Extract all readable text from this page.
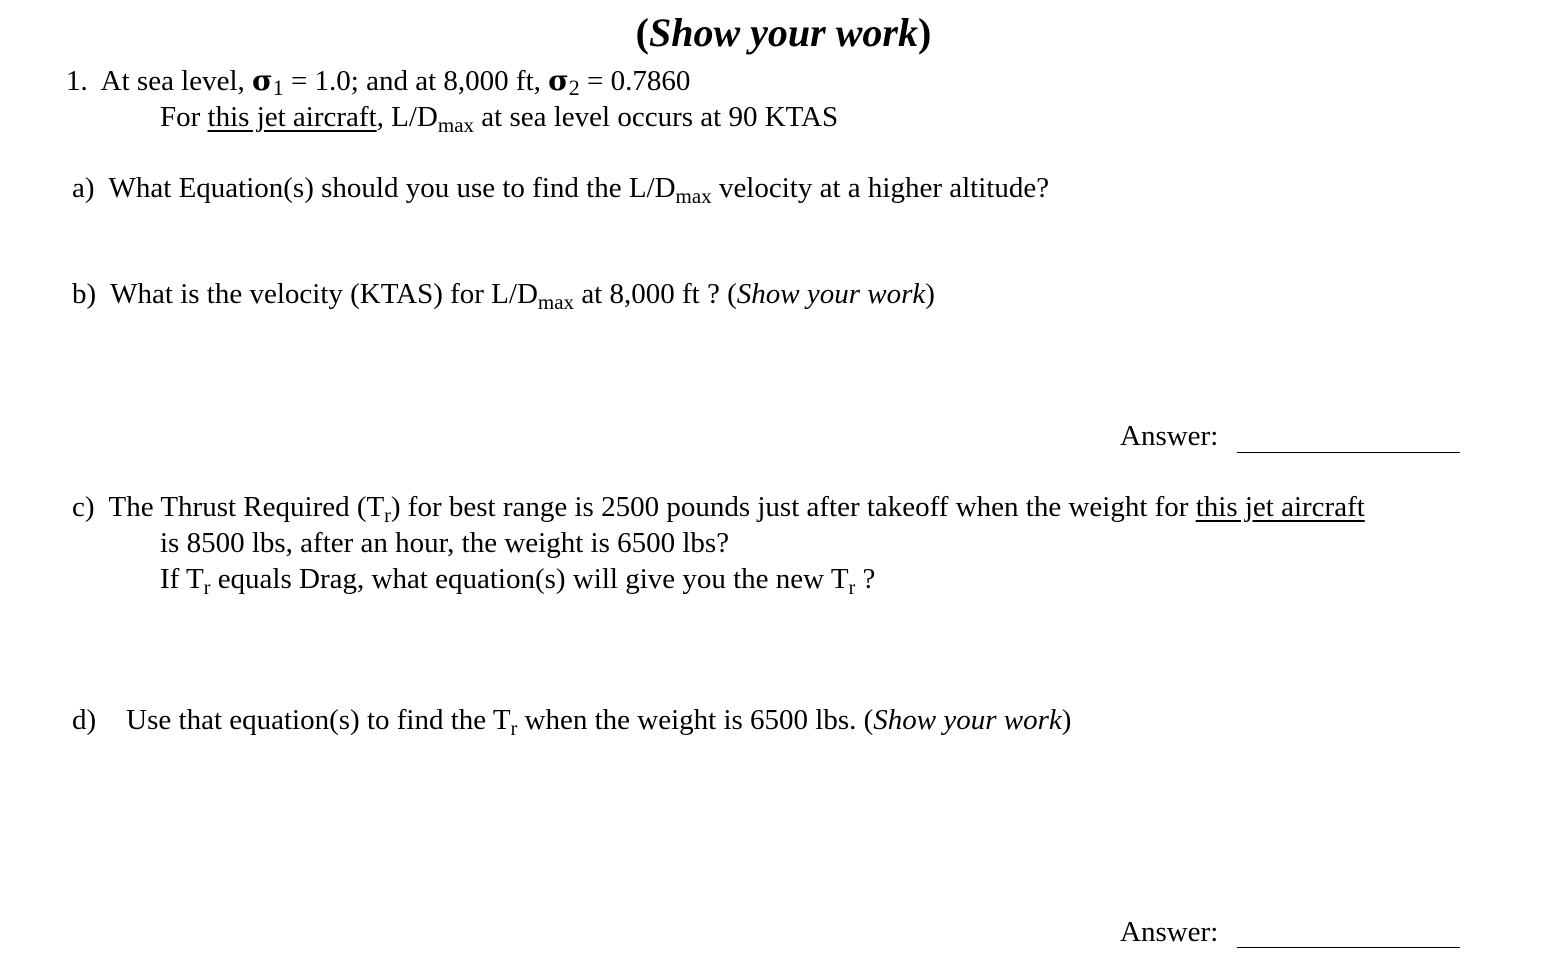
(Show your work)
1. At sea level, σ1 = 1.0; and at 8,000 ft, σ2 = 0.7860
For this jet aircraft, $L/D_{max}$ at sea level occurs at 90 KTAS
a) What Equation(s) should you use to find the $L/D_{max}$ velocity at a higher altitude?
b) What is the velocity (KTAS) for $L/D_{max}$ at 8,000 ft ? (Show your work)
Answer:
c) The Thrust Required $(T_r)$ for best range is 2500 pounds just after takeoff when the weight for this jet aircraft
is 8500 lbs, after an hour, the weight is 6500 lbs?
If $T_r$ equals Drag, what equation(s) will give you the new $T_r$ ?
d) Use that equation(s) to find the $T_r$ when the weight is 6500 lbs. (Show your work)
Answer:
